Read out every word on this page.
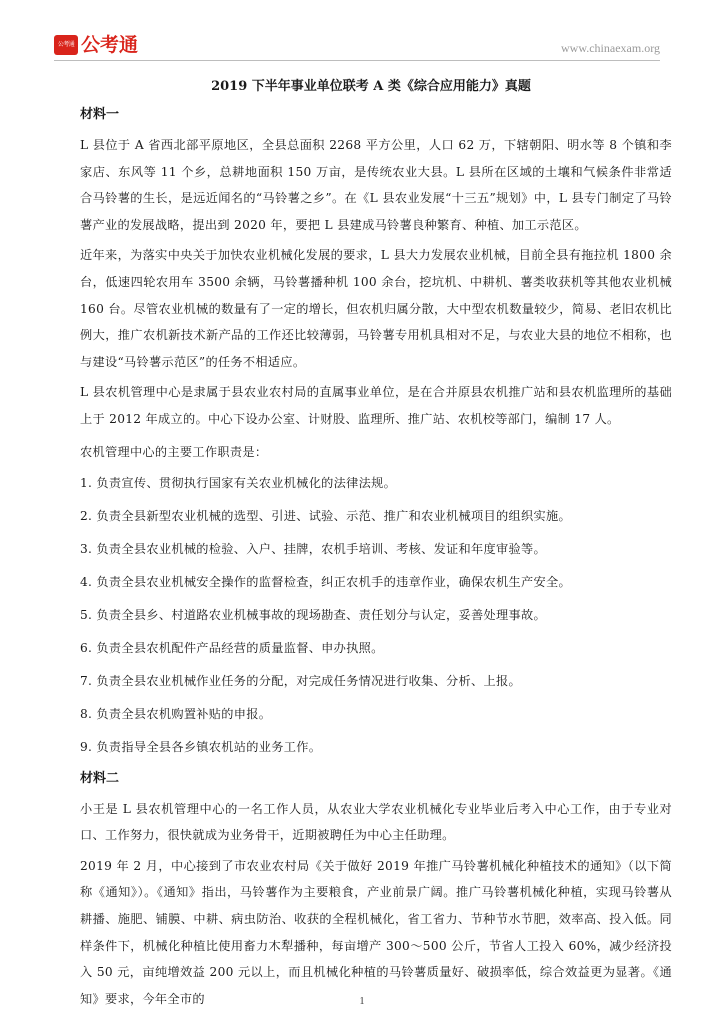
公考通 公考通	www.chinaexam.org
2019 下半年事业单位联考 A 类《综合应用能力》真题
材料一

L 县位于 A 省西北部平原地区，全县总面积 2268 平方公里，人口 62 万，下辖朝阳、明水等 8 个镇和李家店、东风等 11 个乡，总耕地面积 150 万亩，是传统农业大县。L 县所在区域的土壤和气候条件非常适合马铃薯的生长，是远近闻名的“马铃薯之乡”。在《L 县农业发展“十三五”规划》中，L 县专门制定了马铃薯产业的发展战略，提出到 2020 年，要把 L 县建成马铃薯良种繁育、种植、加工示范区。

近年来，为落实中央关于加快农业机械化发展的要求，L 县大力发展农业机械，目前全县有拖拉机 1800 余台，低速四轮农用车 3500 余辆，马铃薯播种机 100 余台，挖坑机、中耕机、薯类收获机等其他农业机械 160 台。尽管农业机械的数量有了一定的增长，但农机归属分散，大中型农机数量较少，简易、老旧农机比例大，推广农机新技术新产品的工作还比较薄弱，马铃薯专用机具相对不足，与农业大县的地位不相称，也与建设“马铃薯示范区”的任务不相适应。

L 县农机管理中心是隶属于县农业农村局的直属事业单位，是在合并原县农机推广站和县农机监理所的基础上于 2012 年成立的。中心下设办公室、计财股、监理所、推广站、农机校等部门，编制 17 人。

农机管理中心的主要工作职责是：

1. 负责宣传、贯彻执行国家有关农业机械化的法律法规。

2. 负责全县新型农业机械的选型、引进、试验、示范、推广和农业机械项目的组织实施。

3. 负责全县农业机械的检验、入户、挂牌，农机手培训、考核、发证和年度审验等。

4. 负责全县农业机械安全操作的监督检查，纠正农机手的违章作业，确保农机生产安全。

5. 负责全县乡、村道路农业机械事故的现场勘查、责任划分与认定，妥善处理事故。

6. 负责全县农机配件产品经营的质量监督、申办执照。

7. 负责全县农业机械作业任务的分配，对完成任务情况进行收集、分析、上报。

8. 负责全县农机购置补贴的申报。

9. 负责指导全县各乡镇农机站的业务工作。

材料二

小王是 L 县农机管理中心的一名工作人员，从农业大学农业机械化专业毕业后考入中心工作，由于专业对口、工作努力，很快就成为业务骨干，近期被聘任为中心主任助理。

2019 年 2 月，中心接到了市农业农村局《关于做好 2019 年推广马铃薯机械化种植技术的通知》（以下简称《通知》）。《通知》指出，马铃薯作为主要粮食，产业前景广阔。推广马铃薯机械化种植，实现马铃薯从耕播、施肥、铺膜、中耕、病虫防治、收获的全程机械化，省工省力、节种节水节肥，效率高、投入低。同样条件下，机械化种植比使用畜力木犁播种，每亩增产 300～500 公斤，节省人工投入 60%，减少经济投入 50 元，亩纯增效益 200 元以上，而且机械化种植的马铃薯质量好、破损率低，综合效益更为显著。《通知》要求，今年全市的	1
